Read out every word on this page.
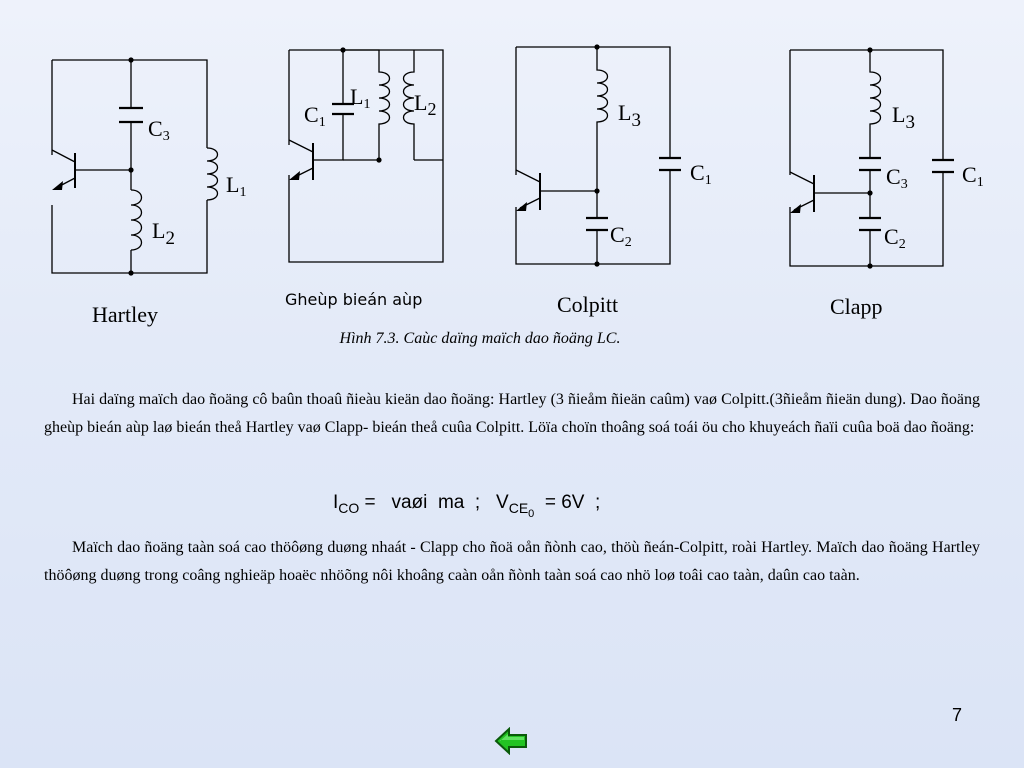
C3
L1
L2
C1
L1 $L_2$	L3
C1
C2
L3
C3 C1
C2
Hartley
Gheùp bieán aùp	Colpitt	Clapp
Hình 7.3. Caùc daïng maïch dao ñoäng LC.
Hai daïng maïch dao ñoäng cô baûn thoaû ñieàu kieän dao ñoäng: Hartley (3 ñieåm ñieän caûm) vaø Colpitt.(3ñieåm ñieän dung). Dao ñoäng gheùp bieán aùp laø bieán theå Hartley vaø Clapp- bieán theå cuûa Colpitt. Löïa choïn thoâng soá toái öu cho khuyeách ñaïi cuûa boä dao ñoäng:
$I_{CO}$ =   vaøi  ma  ;   $V_{CE_0} = 6V$  ;
Maïch dao ñoäng taàn soá cao thöôøng duøng nhaát - Clapp cho ñoä oån ñònh cao, thöù ñeán-Colpitt, roài Hartley. Maïch dao ñoäng Hartley thöôøng duøng trong coâng nghieäp hoaëc nhöõng nôi khoâng caàn oån ñònh taàn soá cao nhö loø toâi cao taàn, daûn cao taàn.
7
